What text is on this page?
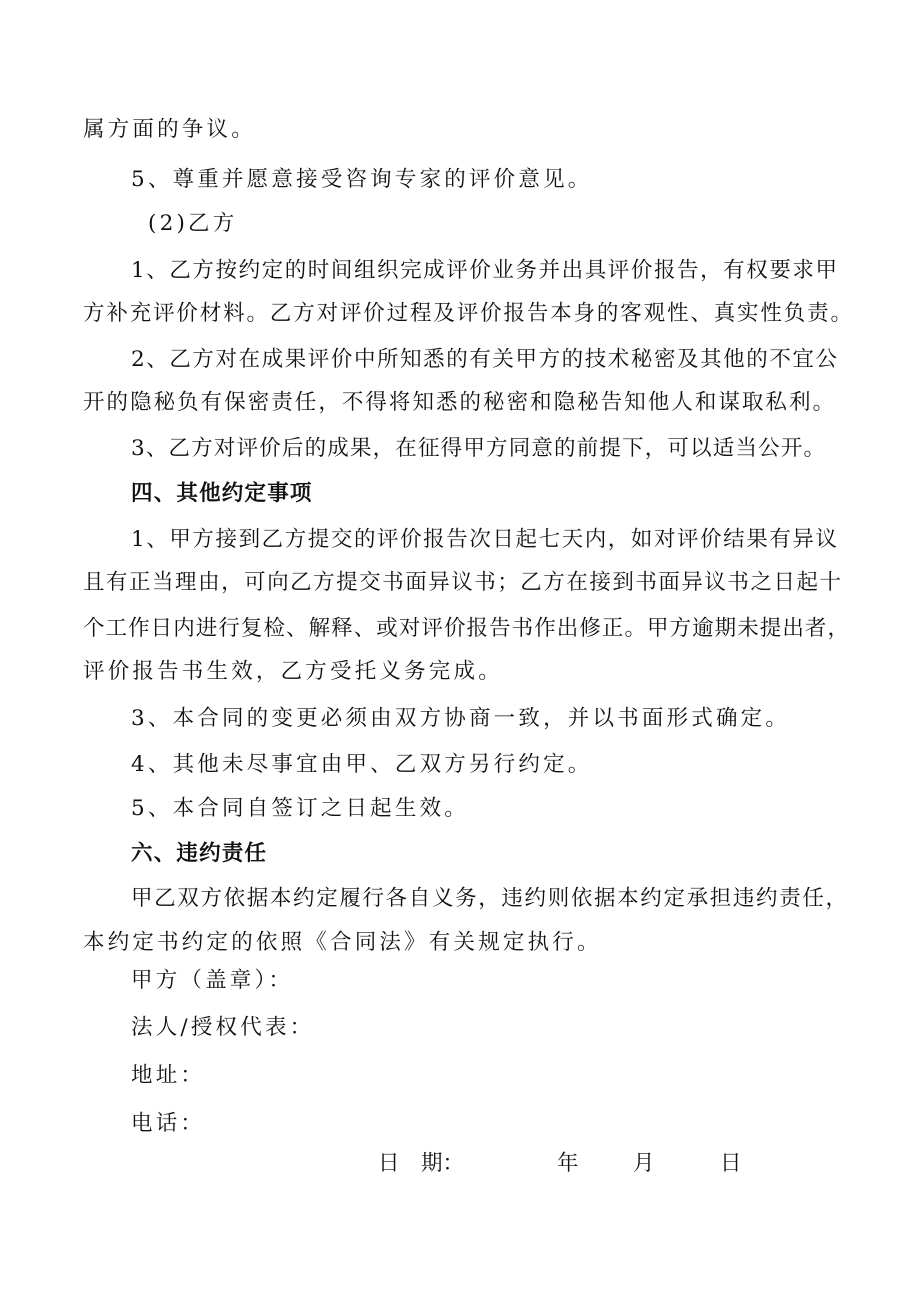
属方面的争议。

5、尊重并愿意接受咨询专家的评价意见。

(2)乙方

1、乙方按约定的时间组织完成评价业务并出具评价报告，有权要求甲

方补充评价材料。乙方对评价过程及评价报告本身的客观性、真实性负责。

2、乙方对在成果评价中所知悉的有关甲方的技术秘密及其他的不宜公

开的隐秘负有保密责任，不得将知悉的秘密和隐秘告知他人和谋取私利。

3、乙方对评价后的成果，在征得甲方同意的前提下，可以适当公开。

四、其他约定事项

1、甲方接到乙方提交的评价报告次日起七天内，如对评价结果有异议

且有正当理由，可向乙方提交书面异议书；乙方在接到书面异议书之日起十

个工作日内进行复检、解释、或对评价报告书作出修正。甲方逾期未提出者，

评价报告书生效，乙方受托义务完成。

3、本合同的变更必须由双方协商一致，并以书面形式确定。

4、其他未尽事宜由甲、乙双方另行约定。

5、本合同自签订之日起生效。

六、违约责任

甲乙双方依据本约定履行各自义务，违约则依据本约定承担违约责任，

本约定书约定的依照《合同法》有关规定执行。

甲方（盖章）：

法人/授权代表：

地址：

电话：

日　期：	年	月	日
